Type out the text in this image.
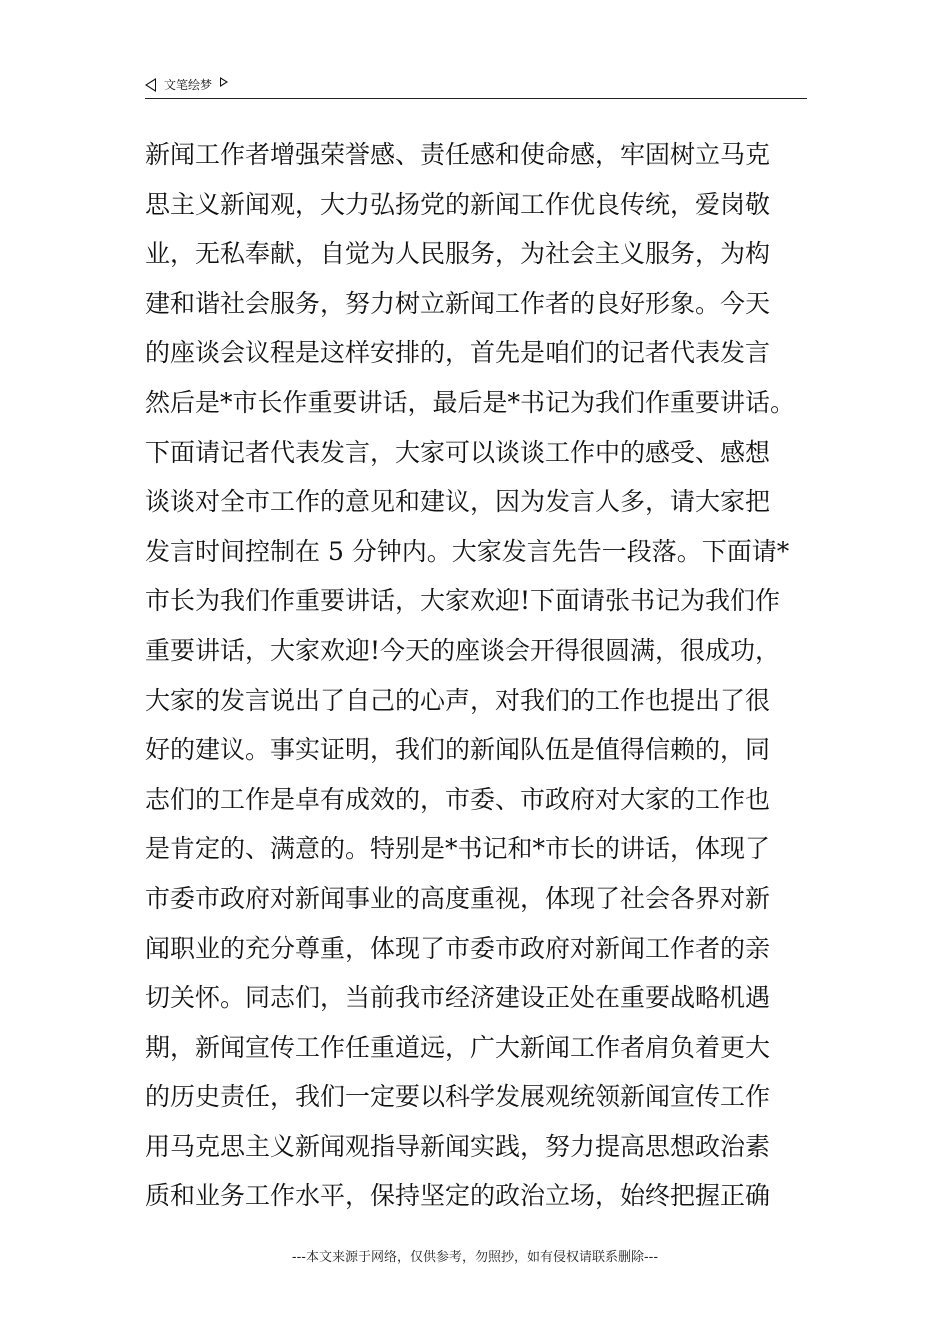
文笔绘梦
新闻工作者增强荣誉感、责任感和使命感，牢固树立马克
思主义新闻观，大力弘扬党的新闻工作优良传统，爱岗敬
业，无私奉献，自觉为人民服务，为社会主义服务，为构
建和谐社会服务，努力树立新闻工作者的良好形象。今天
的座谈会议程是这样安排的，首先是咱们的记者代表发言
然后是*市长作重要讲话，最后是*书记为我们作重要讲话。
下面请记者代表发言，大家可以谈谈工作中的感受、感想
谈谈对全市工作的意见和建议，因为发言人多，请大家把
发言时间控制在 5 分钟内。大家发言先告一段落。下面请*
市长为我们作重要讲话，大家欢迎!下面请张书记为我们作
重要讲话，大家欢迎!今天的座谈会开得很圆满，很成功，
大家的发言说出了自己的心声，对我们的工作也提出了很
好的建议。事实证明，我们的新闻队伍是值得信赖的，同
志们的工作是卓有成效的，市委、市政府对大家的工作也
是肯定的、满意的。特别是*书记和*市长的讲话，体现了
市委市政府对新闻事业的高度重视，体现了社会各界对新
闻职业的充分尊重，体现了市委市政府对新闻工作者的亲
切关怀。同志们，当前我市经济建设正处在重要战略机遇
期，新闻宣传工作任重道远，广大新闻工作者肩负着更大
的历史责任，我们一定要以科学发展观统领新闻宣传工作
用马克思主义新闻观指导新闻实践，努力提高思想政治素
质和业务工作水平，保持坚定的政治立场，始终把握正确
---本文来源于网络，仅供参考，勿照抄，如有侵权请联系删除---
